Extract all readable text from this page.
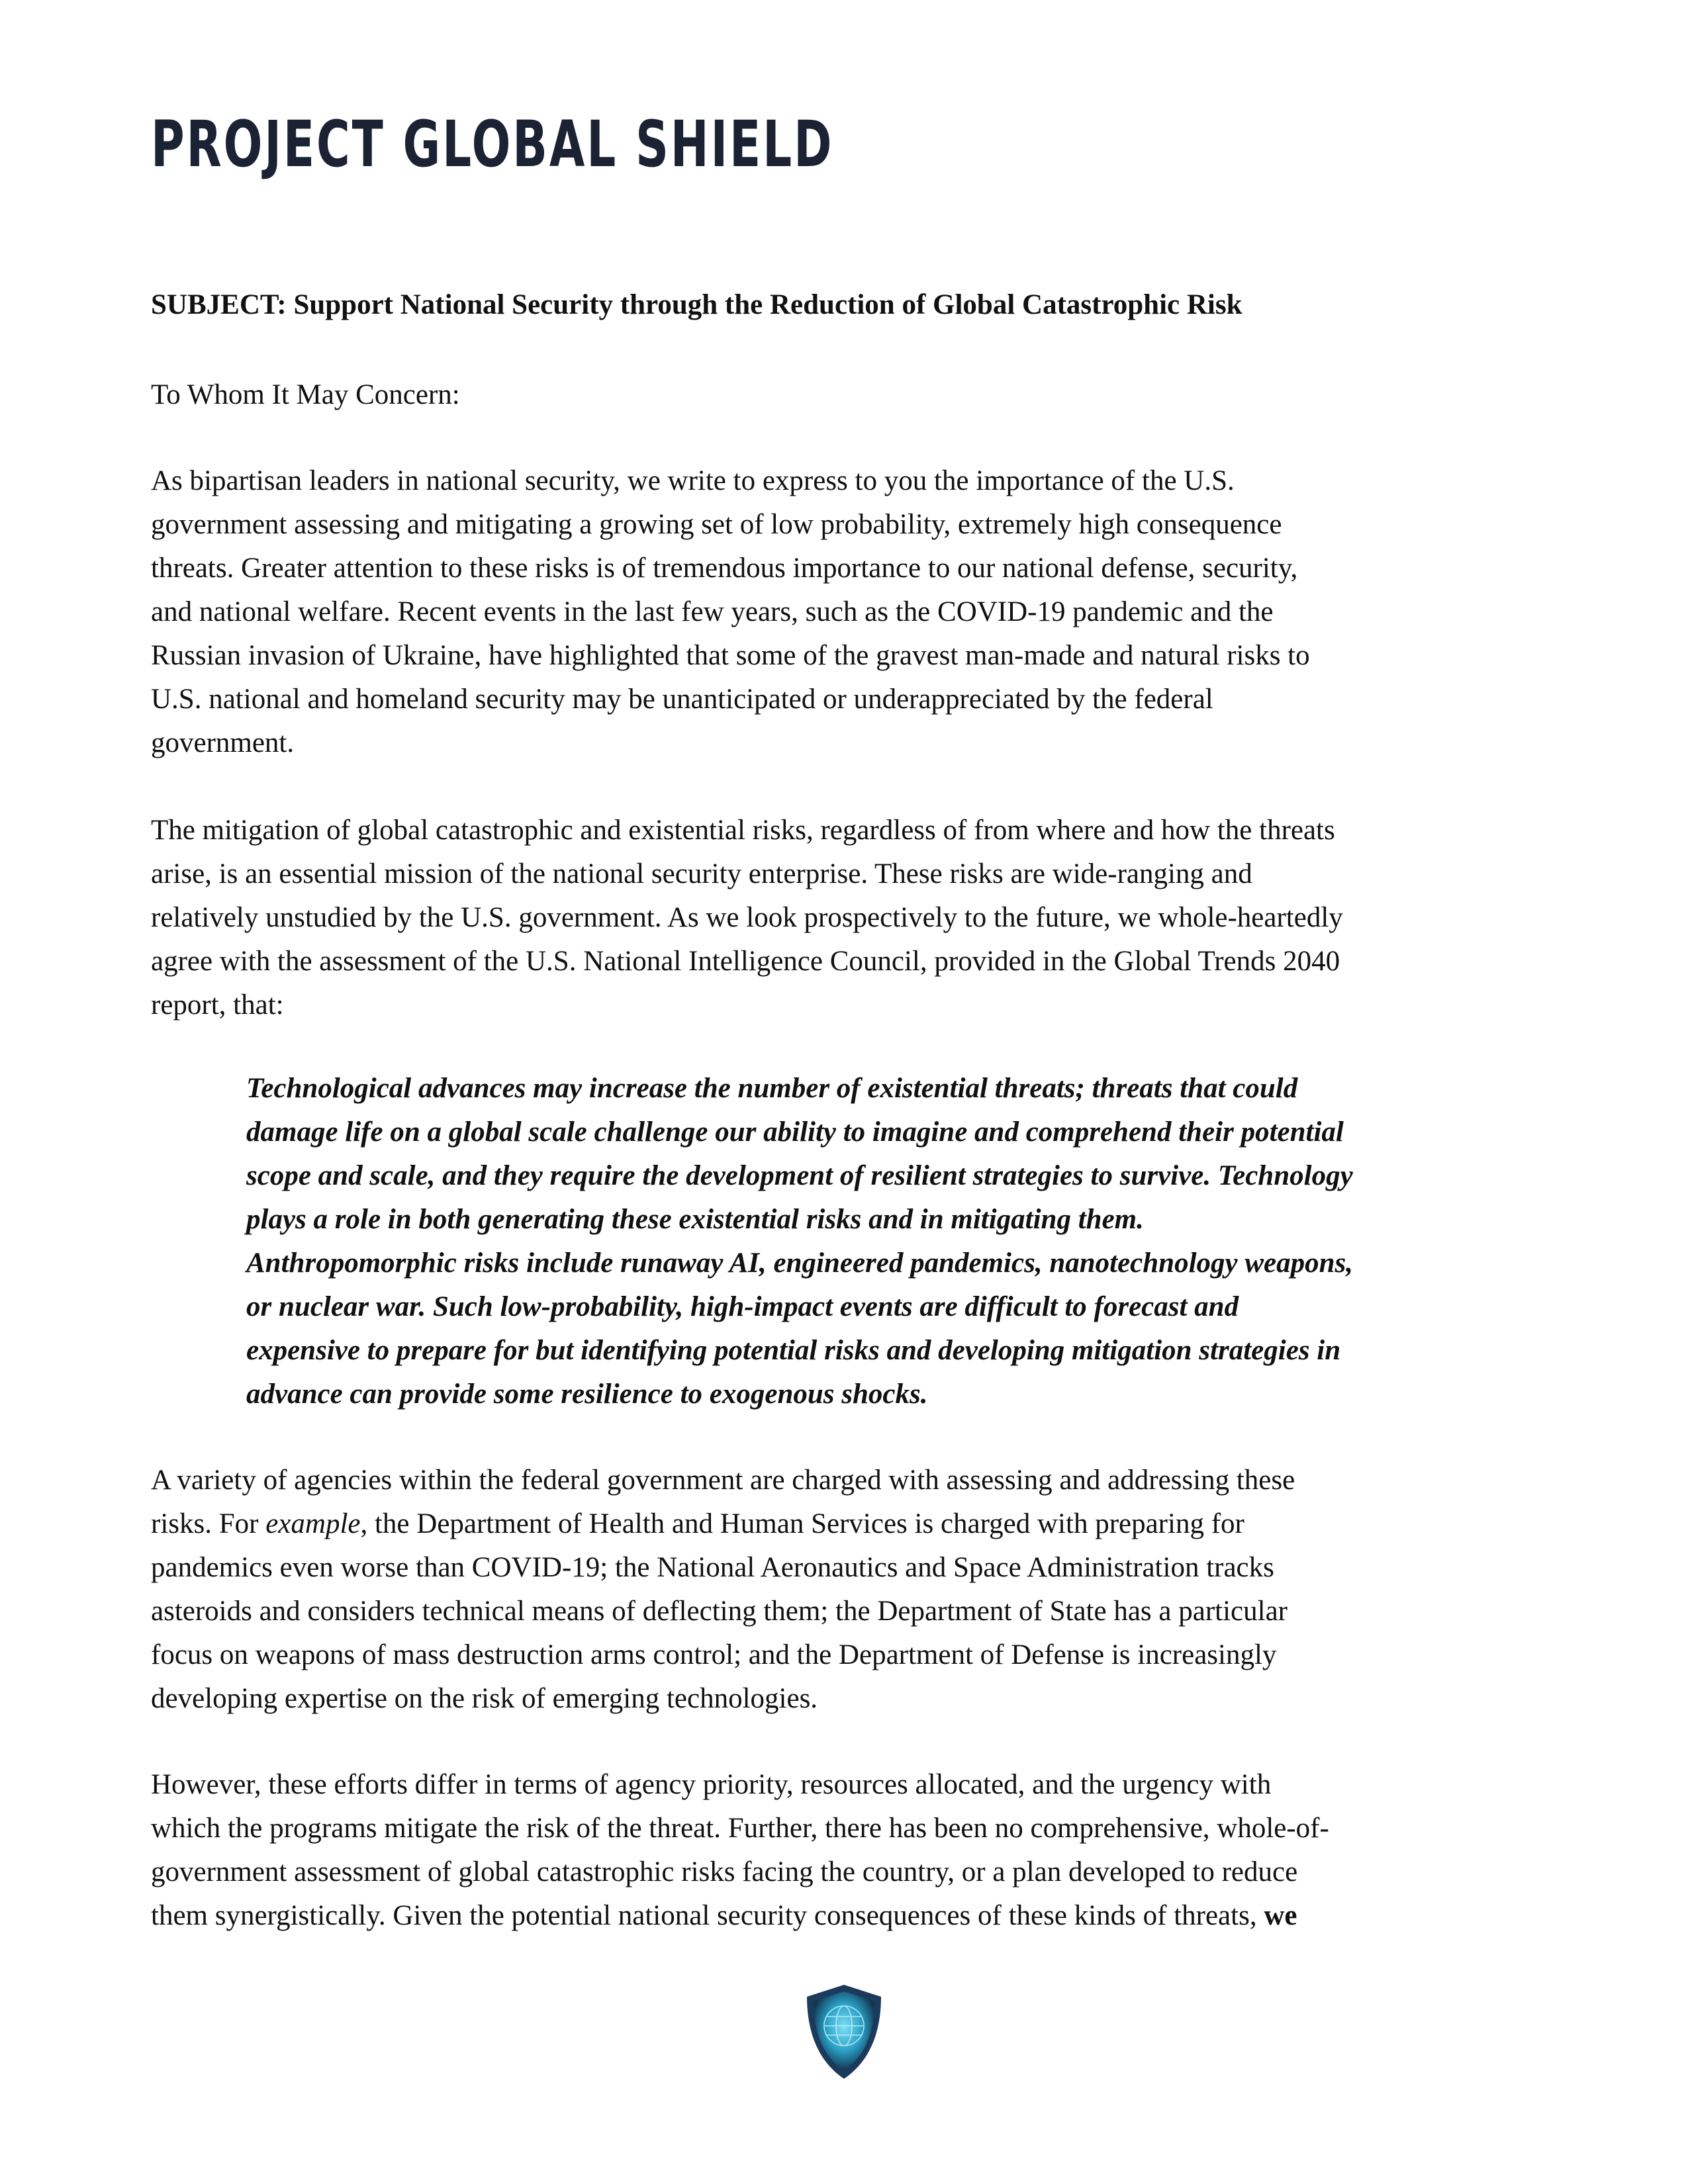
PROJECT GLOBAL SHIELD
SUBJECT: Support National Security through the Reduction of Global Catastrophic Risk
To Whom It May Concern:
As bipartisan leaders in national security, we write to express to you the importance of the U.S.
government assessing and mitigating a growing set of low probability, extremely high consequence
threats. Greater attention to these risks is of tremendous importance to our national defense, security,
and national welfare. Recent events in the last few years, such as the COVID-19 pandemic and the
Russian invasion of Ukraine, have highlighted that some of the gravest man-made and natural risks to
U.S. national and homeland security may be unanticipated or underappreciated by the federal
government.
The mitigation of global catastrophic and existential risks, regardless of from where and how the threats
arise, is an essential mission of the national security enterprise. These risks are wide-ranging and
relatively unstudied by the U.S. government. As we look prospectively to the future, we whole-heartedly
agree with the assessment of the U.S. National Intelligence Council, provided in the Global Trends 2040
report, that:
Technological advances may increase the number of existential threats; threats that could
damage life on a global scale challenge our ability to imagine and comprehend their potential
scope and scale, and they require the development of resilient strategies to survive. Technology
plays a role in both generating these existential risks and in mitigating them.
Anthropomorphic risks include runaway AI, engineered pandemics, nanotechnology weapons,
or nuclear war. Such low-probability, high-impact events are difficult to forecast and
expensive to prepare for but identifying potential risks and developing mitigation strategies in
advance can provide some resilience to exogenous shocks.
A variety of agencies within the federal government are charged with assessing and addressing these
risks. For example, the Department of Health and Human Services is charged with preparing for
pandemics even worse than COVID-19; the National Aeronautics and Space Administration tracks
asteroids and considers technical means of deflecting them; the Department of State has a particular
focus on weapons of mass destruction arms control; and the Department of Defense is increasingly
developing expertise on the risk of emerging technologies.
However, these efforts differ in terms of agency priority, resources allocated, and the urgency with
which the programs mitigate the risk of the threat. Further, there has been no comprehensive, whole-of-
government assessment of global catastrophic risks facing the country, or a plan developed to reduce
them synergistically. Given the potential national security consequences of these kinds of threats, we
